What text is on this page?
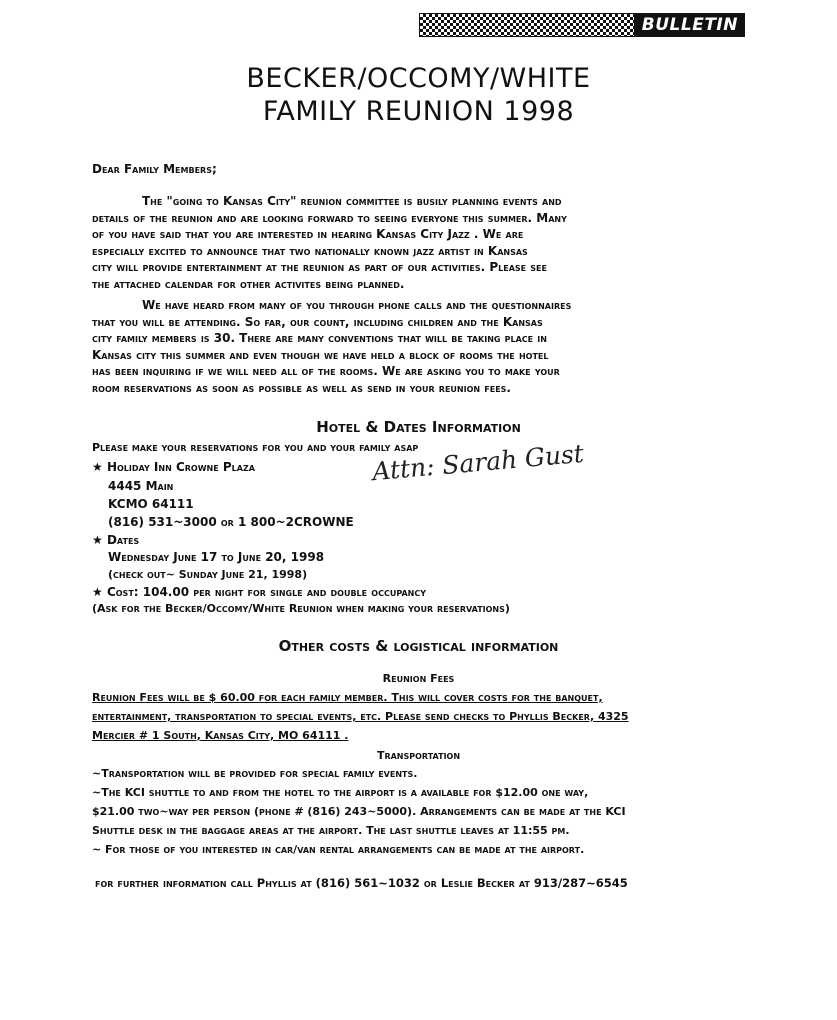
BULLETIN
BECKER/OCCOMY/WHITE
FAMILY REUNION 1998
Dear Family Members;
The "going to Kansas City" reunion committee is busily planning events and
details of the reunion and are looking forward to seeing everyone this summer. Many
of you have said that you are interested in hearing Kansas City Jazz . We are
especially excited to announce that two nationally known jazz artist in Kansas
city will provide entertainment at the reunion as part of our activities. Please see
the attached calendar for other activites being planned.
We have heard from many of you through phone calls and the questionnaires
that you will be attending. So far, our count, including children and the Kansas
city family members is 30. There are many conventions that will be taking place in
Kansas city this summer and even though we have held a block of rooms the hotel
has been inquiring if we will need all of the rooms. We are asking you to make your
room reservations as soon as possible as well as send in your reunion fees.
Hotel & Dates Information
Please make your reservations for you and your family asap
★ Holiday Inn Crowne Plaza
4445 Main
KCMO 64111
(816) 531~3000 or 1 800~2CROWNE
Attn: Sarah Gust
★ Dates
Wednesday June 17 to June 20, 1998
(check out~ Sunday June 21, 1998)
★ Cost: 104.00 per night for single and double occupancy
(Ask for the Becker/Occomy/White Reunion when making your reservations)
Other costs & logistical information
Reunion Fees
Reunion Fees will be $ 60.00 for each family member. This will cover costs for the banquet,
entertainment, transportation to special events, etc. Please send checks to Phyllis Becker, 4325
Mercier # 1 South, Kansas City, MO 64111 .
Transportation
~Transportation will be provided for special family events.
~The KCI shuttle to and from the hotel to the airport is a available for $12.00 one way,
$21.00 two~way per person (phone # (816) 243~5000). Arrangements can be made at the KCI
Shuttle desk in the baggage areas at the airport. The last shuttle leaves at 11:55 pm.
~ For those of you interested in car/van rental arrangements can be made at the airport.
for further information call Phyllis at (816) 561~1032 or Leslie Becker at 913/287~6545
